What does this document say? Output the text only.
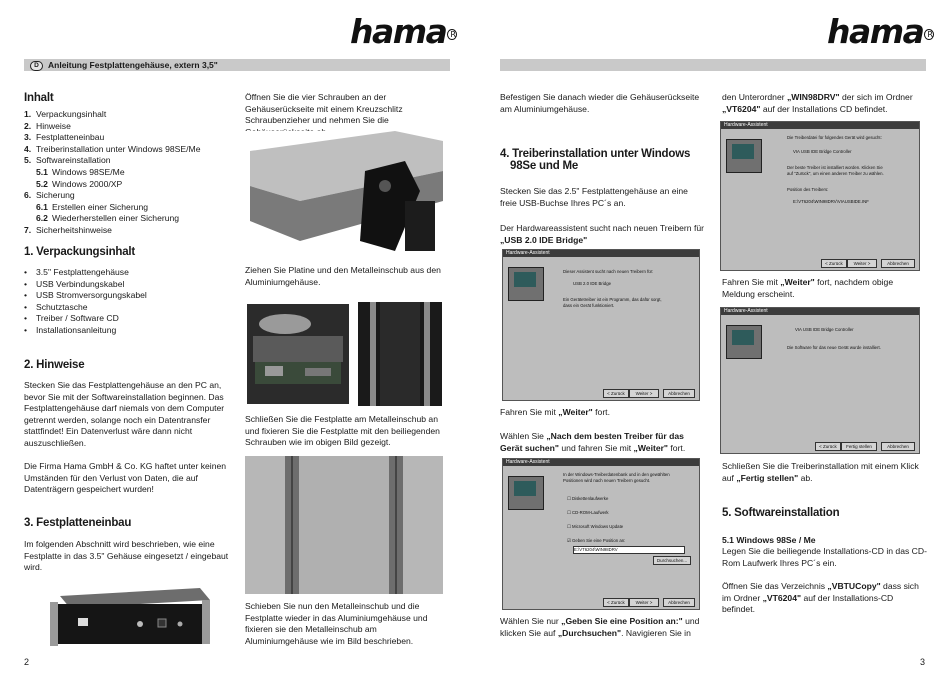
hama $^R$
D Anleitung Festplattengehäuse, extern 3,5"
Inhalt
1. Verpackungsinhalt
2. Hinweise
3. Festplatteneinbau
4. Treiberinstallation unter Windows 98SE/Me
5. Softwareinstallation
5.1 Windows 98SE/Me
5.2 Windows 2000/XP
6. Sicherung
6.1 Erstellen einer Sicherung
6.2 Wiederherstellen einer Sicherung
7. Sicherheitshinweise
1. Verpackungsinhalt
• 3.5" Festplattengehäuse
• USB Verbindungskabel
• USB Stromversorgungskabel
• Schutztasche
• Treiber / Software CD
• Installationsanleitung
2. Hinweise
Stecken Sie das Festplattengehäuse an den PC an, bevor Sie mit der Softwareinstallation beginnen. Das Festplattengehäuse darf niemals von dem Computer getrennt werden, solange noch ein Datentransfer stattfindet! Ein Datenverlust wäre dann nicht auszuschließen.
Die Firma Hama GmbH & Co. KG haftet unter keinen Umständen für den Verlust von Daten, die auf Datenträgern gespeichert wurden!
3. Festplatteneinbau
Im folgenden Abschnitt wird beschrieben, wie eine Festplatte in das 3.5" Gehäuse eingesetzt / eingebaut wird.
Öffnen Sie die vier Schrauben an der Gehäuserückseite mit einem Kreuzschlitz Schraubenzieher und nehmen Sie die
Ziehen Sie Platine und den Metalleinschub aus den Aluminiumgehäuse.
Schließen Sie die Festplatte am Metalleinschub an und fixieren Sie die Festplatte mit den beiliegenden Schrauben wie im obigen Bild gezeigt.
Schieben Sie nun den Metalleinschub und die Festplatte wieder in das Aluminiumgehäuse und fixieren sie den Metalleinschub am Aluminiumgehäuse wie im Bild beschrieben.
2
hama $^R$
Befestigen Sie danach wieder die Gehäuserückseite am Aluminiumgehäuse.
4. Treiberinstallation unter Windows
98Se und Me
Stecken Sie das 2.5" Festplattengehäuse an eine freie USB-Buchse Ihres PC´s an.
Der Hardwareassistent sucht nach neuen Treibern für „USB 2.0 IDE Bridge"
Hardware-Assistent
Dieser Assistent sucht nach neuen Treibern für:
USB 2.0 IDE Bridge
Ein Gerätetreiber ist ein Programm, das dafür sorgt,
dass ein Gerät funktioniert.
< Zurück	Weiter >	Abbrechen
Fahren Sie mit „Weiter" fort.
Wählen Sie „Nach dem besten Treiber für das Gerät suchen" und fahren Sie mit „Weiter" fort.
Hardware-Assistent
In der Windows-Treiberdatenbank und in den gewählten
Positionen wird nach neuen Treibern gesucht.
☐ Diskettenlaufwerke
☐ CD-ROM-Laufwerk
☐ Microsoft Windows Update
☑ Geben Sie eine Position an:
E:\VT6204\WIN98DRV
Durchsuchen...
< Zurück	Weiter >	Abbrechen
Wählen Sie nur „Geben Sie eine Position an:" und klicken Sie auf „Durchsuchen". Navigieren Sie in
den Unterordner „WIN98DRV" der sich im Ordner „VT6204" auf der Installations CD befindet.
Hardware-Assistent
Die Treiberdatei für folgendes Gerät wird gesucht:
VIA USB IDE Bridge Controller
Der beste Treiber ist installiert worden. Klicken Sie
auf "Zurück", um einen anderen Treiber zu wählen.
Position des Treibers:
E:\VT6204\WIN98DRV\VIAUSBIDE.INF
< Zurück	Weiter >	Abbrechen
Fahren Sie mit „Weiter" fort, nachdem obige Meldung erscheint.
Hardware-Assistent
VIA USB IDE Bridge Controller
Die Software für das neue Gerät wurde installiert.
< Zurück	Fertig stellen	Abbrechen
Schließen Sie die Treiberinstallation mit einem Klick auf „Fertig stellen" ab.
5. Softwareinstallation
5.1 Windows 98Se / Me
Legen Sie die beiliegende Installations-CD in das CD-Rom Laufwerk Ihres PC´s ein.
Öffnen Sie das Verzeichnis „VBTUCopy" dass sich im Ordner „VT6204" auf der Installations-CD befindet.
3
